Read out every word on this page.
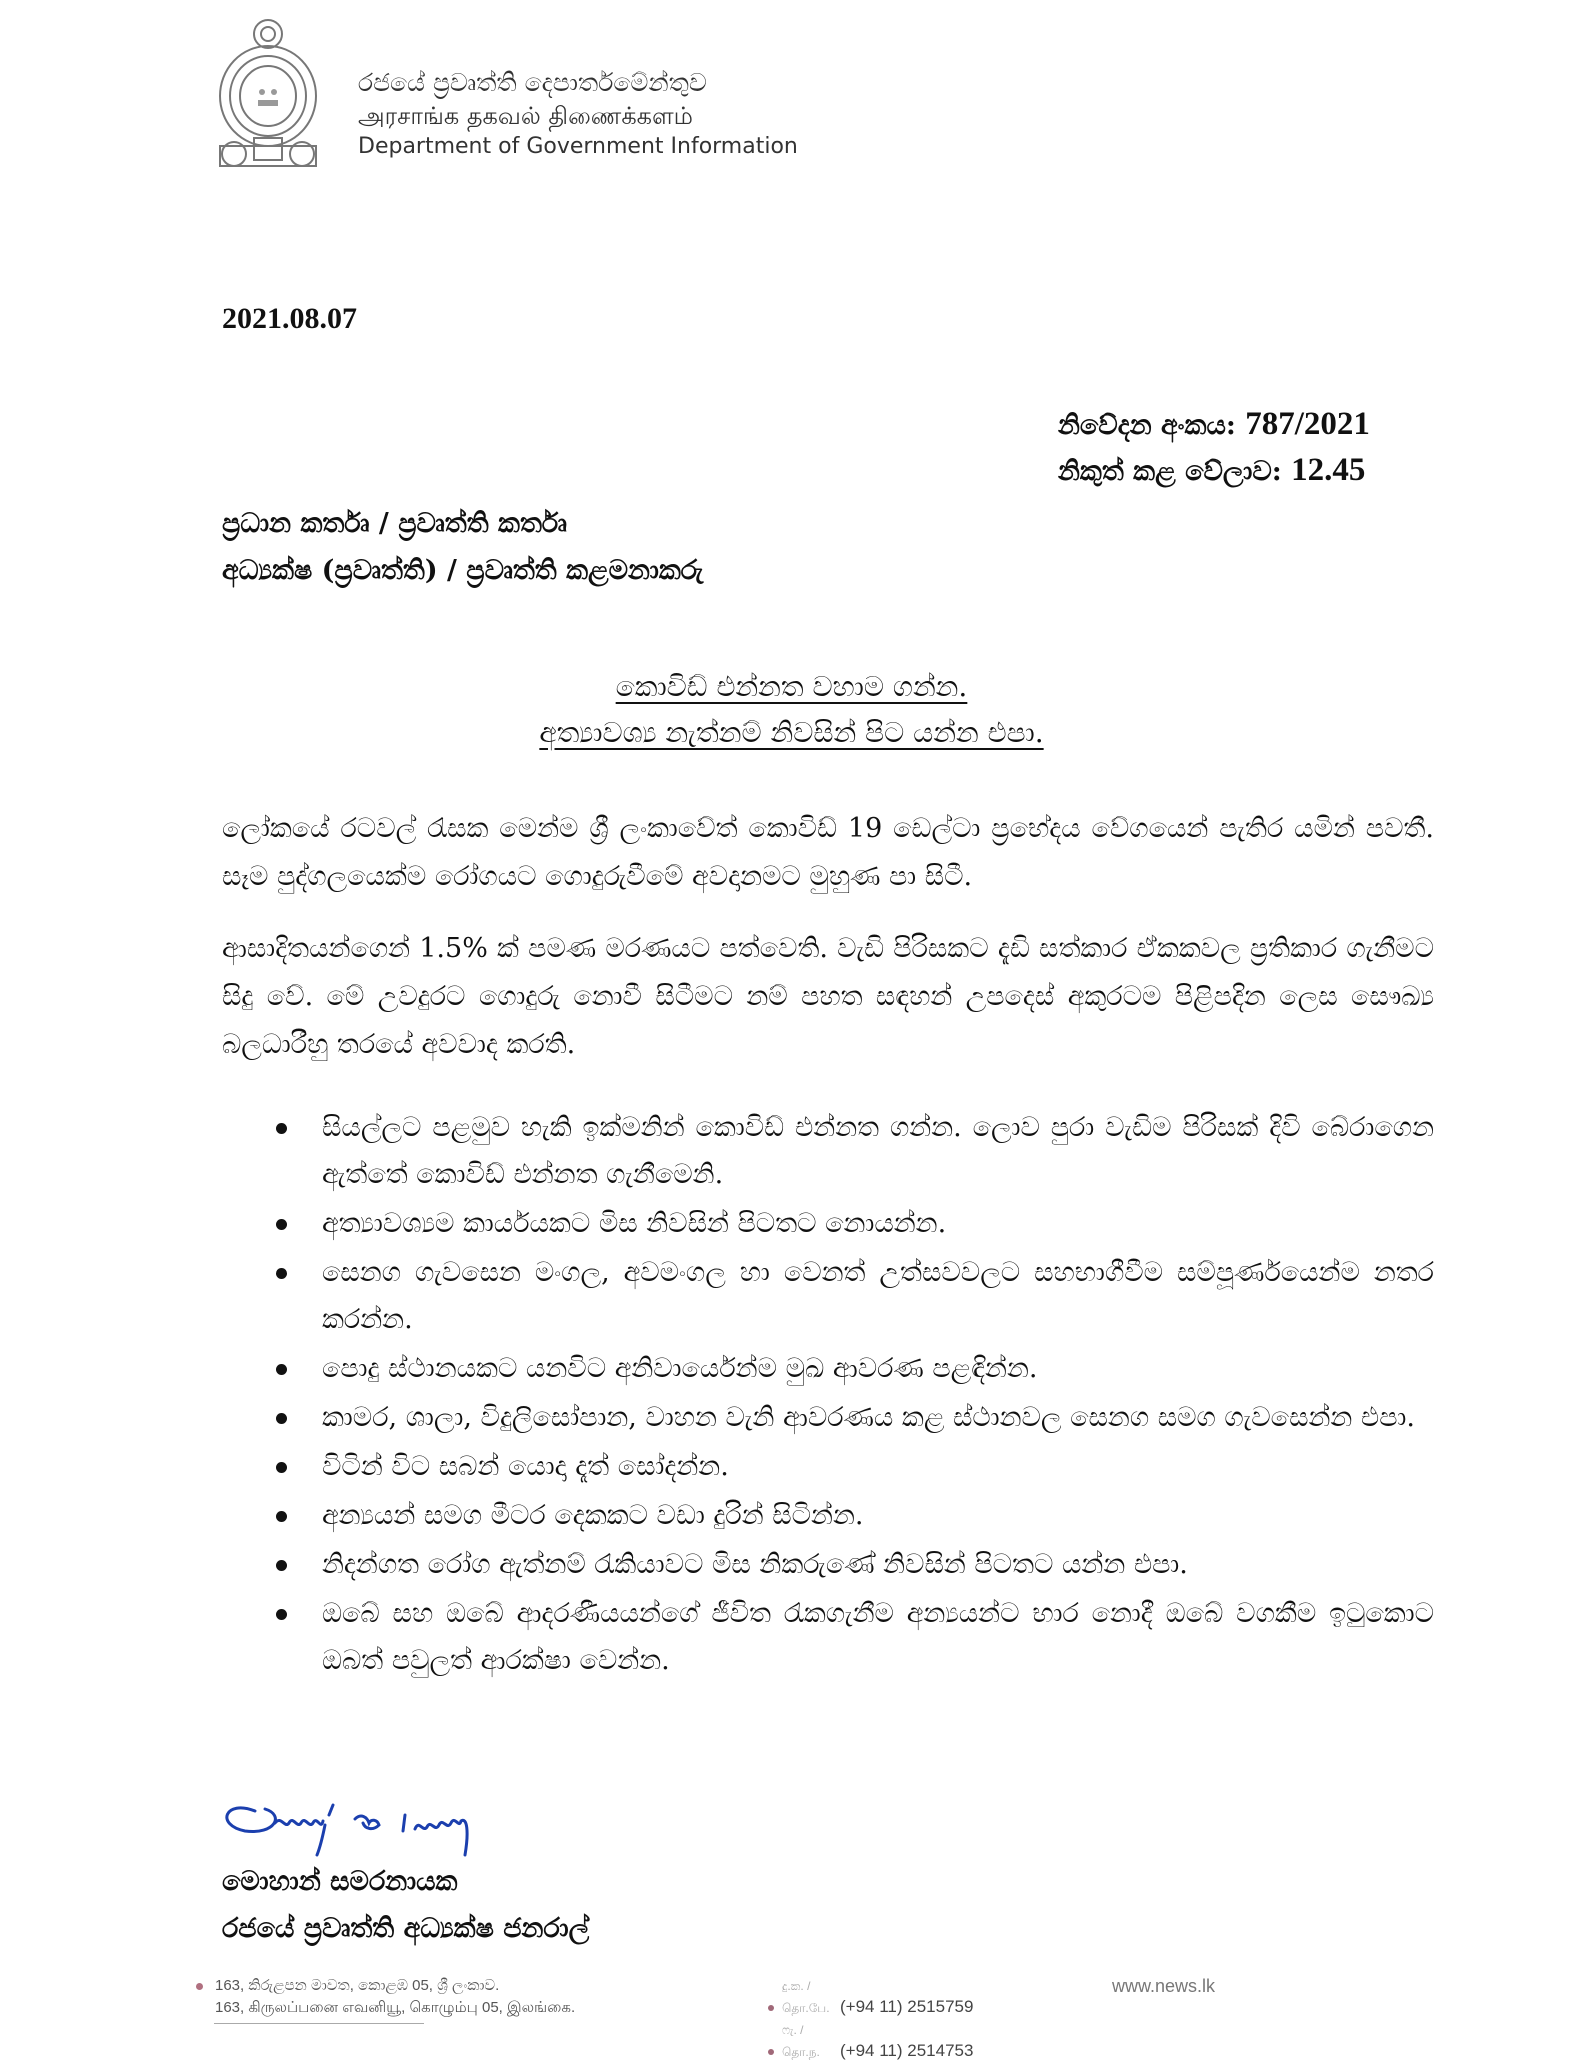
රජයේ ප්‍රවෘත්ති දෙපාර්තමේන්තුව
அரசாங்க தகவல் திணைக்களம்
Department of Government Information
2021.08.07
නිවේදන අංකය: 787/2021
නිකුත් කළ වේලාව: 12.45
ප්‍රධාන කර්තෘ / ප්‍රවෘත්ති කර්තෘ
අධ්‍යක්ෂ (ප්‍රවෘත්ති) / ප්‍රවෘත්ති කළමනාකරු
කොවිඩ් එන්නත වහාම ගන්න.
අත්‍යාවශ්‍ය නැත්නම් නිවසින් පිට යන්න එපා.
ලෝකයේ රටවල් රැසක මෙන්ම ශ්‍රී ලංකාවේත් කොවිඩ් 19 ඩෙල්ටා ප්‍රභේදය වේගයෙන් පැතිර යමින් පවතී. සෑම පුද්ගලයෙක්ම රෝගයට ගොදුරුවීමේ අවදානමට මුහුණ පා සිටී.
ආසාදිතයන්ගෙන් 1.5% ක් පමණ මරණයට පත්වෙති. වැඩි පිරිසකට දැඩි සත්කාර ඒකකවල ප්‍රතිකාර ගැනීමට සිදු වේ. මේ උවදුරට ගොදුරු නොවී සිටීමට නම් පහත සඳහන් උපදෙස් අකුරටම පිළිපදින ලෙස සෞඛ්‍ය බලධාරීහු තරයේ අවවාද කරති.
සියල්ලට පළමුව හැකි ඉක්මනින් කොවිඩ් එන්නත ගන්න. ලොව පුරා වැඩිම පිරිසක් දිවි බේරාගෙන ඇත්තේ කොවිඩ් එන්නත ගැනීමෙනි.
අත්‍යාවශ්‍යම කාර්යයකට මිස නිවසින් පිටතට නොයන්න.
සෙනග ගැවසෙන මංගල, අවමංගල හා වෙනත් උත්සවවලට සහභාගීවීම සම්පූර්ණයෙන්ම නතර කරන්න.
පොදු ස්ථානයකට යනවිට අනිවාර්යෙන්ම මුඛ ආවරණ පළඳින්න.
කාමර, ශාලා, විදුලිසෝපාන, වාහන වැනි ආවරණය කළ ස්ථානවල සෙනග සමග ගැවසෙන්න එපා.
විටින් විට සබන් යොදා දෑත් සෝදන්න.
අන්‍යයන් සමග මීටර දෙකකට වඩා දුරින් සිටින්න.
නිදන්ගත රෝග ඇත්නම් රැකියාවට මිස නිකරුණේ නිවසින් පිටතට යන්න එපා.
ඔබේ සහ ඔබේ ආදරණීයයන්ගේ ජීවිත රැකගැනීම අන්‍යයන්ට භාර නොදී ඔබේ වගකීම ඉටුකොට ඔබත් පවුලත් ආරක්ෂා වෙන්න.
මොහාන් සමරනායක
රජයේ ප්‍රවෘත්ති අධ්‍යක්ෂ ජනරාල්
163, කිරුළපන මාවත, කොළඹ 05, ශ්‍රී ලංකාව.
163, கிருலப்பனை எவனியூ, கொழும்பு 05, இலங்கை.
දු.ක. / தொ.பே. (+94 11) 2515759
ෆැ. / தொ.ந. (+94 11) 2514753
www.news.lk
